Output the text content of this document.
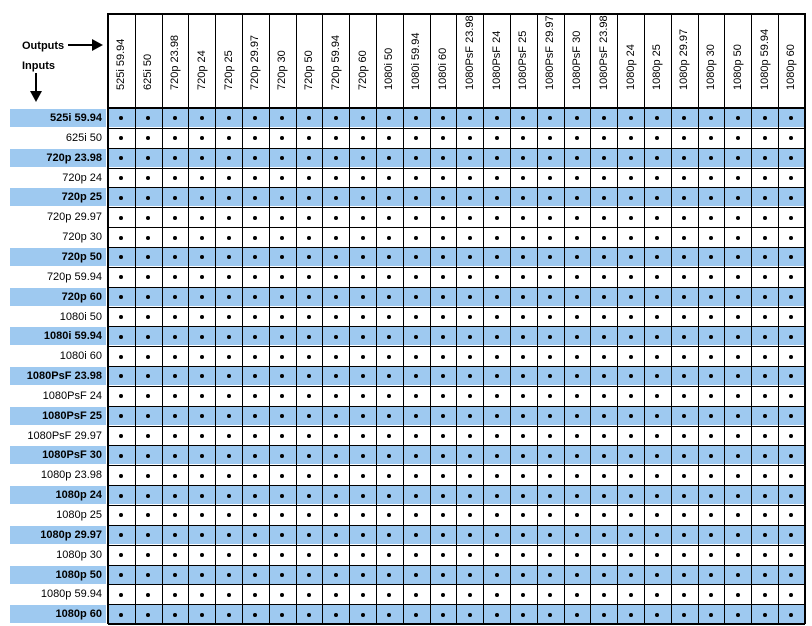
Outputs
Inputs	525i 59.94 625i 50 720p 23.98 720p 24 720p 25 720p 29.97 720p 30 720p 50 720p 59.94 720p 60 1080i 50 1080i 59.94 1080i 60 1080PsF 23.98 1080PsF 24 1080PsF 25 1080PsF 29.97 1080PsF 30 1080PsF 23.98 1080p 24 1080p 25 1080p 29.97 1080p 30 1080p 50 1080p 59.94 1080p 60
525i 59.94
625i 50
720p 23.98
720p 24
720p 25
720p 29.97
720p 30
720p 50
720p 59.94
720p 60
1080i 50
1080i 59.94
1080i 60
1080PsF 23.98
1080PsF 24
1080PsF 25
1080PsF 29.97
1080PsF 30
1080p 23.98
1080p 24
1080p 25
1080p 29.97
1080p 30
1080p 50
1080p 59.94
1080p 60
